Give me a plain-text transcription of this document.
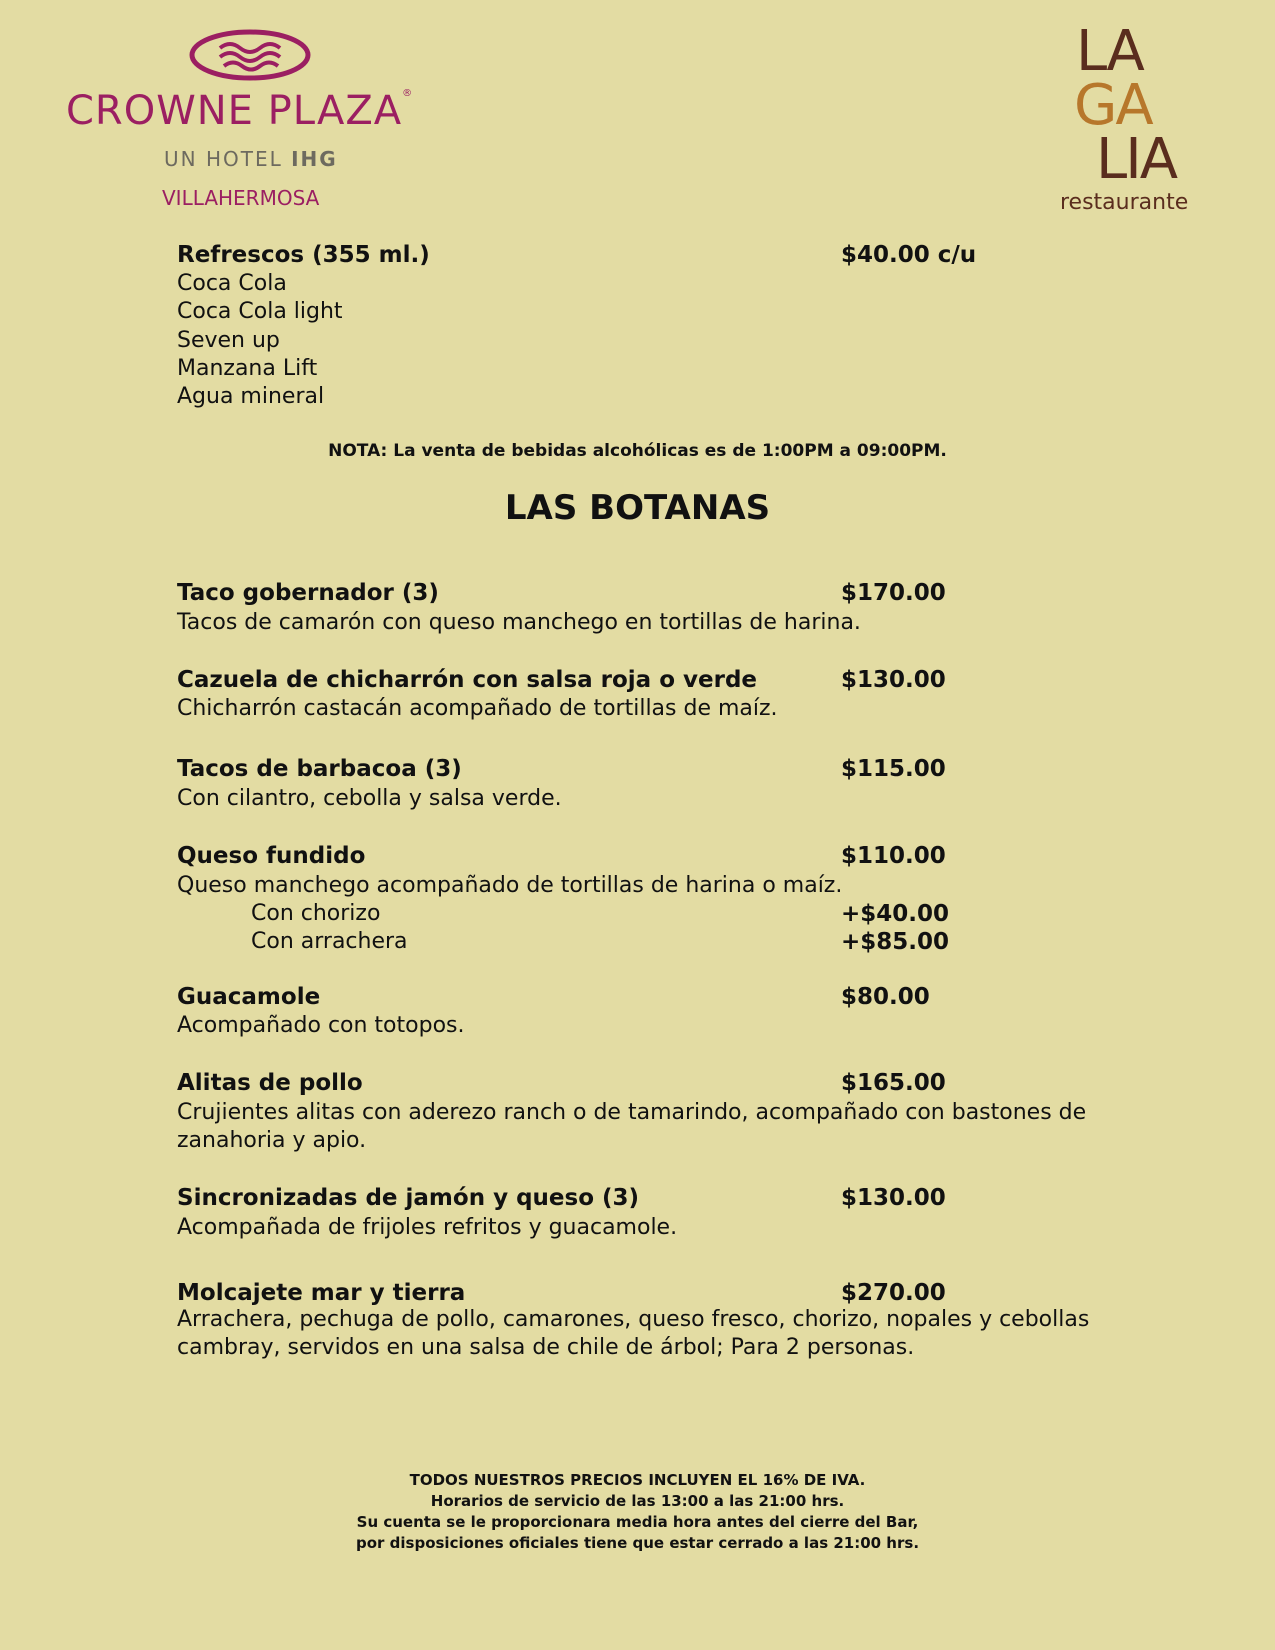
CROWNE PLAZA®
UN HOTEL IHG
VILLAHERMOSA
LA
GA
LIA
restaurante
Refrescos (355 ml.)	$40.00 c/u
Coca Cola
Coca Cola light
Seven up
Manzana Lift
Agua mineral
NOTA: La venta de bebidas alcohólicas es de 1:00PM a 09:00PM.
LAS BOTANAS
Taco gobernador (3)	$170.00
Tacos de camarón con queso manchego en tortillas de harina.
Cazuela de chicharrón con salsa roja o verde	$130.00
Chicharrón castacán acompañado de tortillas de maíz.
Tacos de barbacoa (3)	$115.00
Con cilantro, cebolla y salsa verde.
Queso fundido	$110.00
Queso manchego acompañado de tortillas de harina o maíz.
Con chorizo	+$40.00
Con arrachera	+$85.00
Guacamole	$80.00
Acompañado con totopos.
Alitas de pollo	$165.00
Crujientes alitas con aderezo ranch o de tamarindo, acompañado con bastones de zanahoria y apio.
Sincronizadas de jamón y queso (3)	$130.00
Acompañada de frijoles refritos y guacamole.
Molcajete mar y tierra	$270.00
Arrachera, pechuga de pollo, camarones, queso fresco, chorizo, nopales y cebollas cambray, servidos en una salsa de chile de árbol; Para 2 personas.
TODOS NUESTROS PRECIOS INCLUYEN EL 16% DE IVA.
Horarios de servicio de las 13:00 a las 21:00 hrs.
Su cuenta se le proporcionara media hora antes del cierre del Bar,
por disposiciones oficiales tiene que estar cerrado a las 21:00 hrs.
